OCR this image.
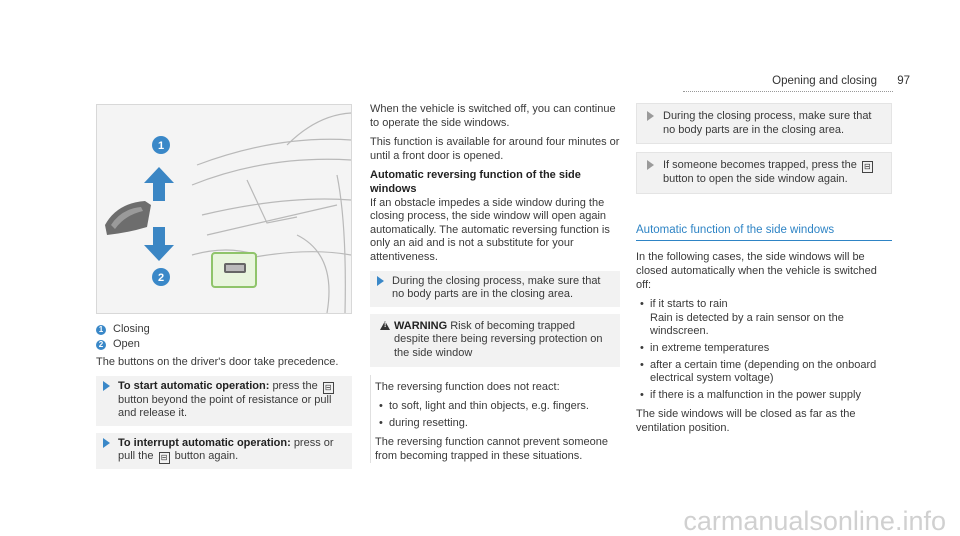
Opening and closing 97
1
2
1 Closing
2 Open

The buttons on the driver's door take precedence.

To start automatic operation: press the ⊟ button beyond the point of resistance or pull and release it.
To interrupt automatic operation: press or pull the ⊟ button again.

When the vehicle is switched off, you can continue to operate the side windows.

This function is available for around four minutes or until a front door is opened.

Automatic reversing function of the side windows

If an obstacle impedes a side window during the closing process, the side window will open again automatically. The automatic reversing function is only an aid and is not a substitute for your attentiveness.

During the closing process, make sure that no body parts are in the closing area.
!
WARNING Risk of becoming trapped despite there being reversing protection on the side window

The reversing function does not react:

• to soft, light and thin objects, e.g. fingers.
• during resetting.

The reversing function cannot prevent someone from becoming trapped in these situations.

During the closing process, make sure that no body parts are in the closing area.
If someone becomes trapped, press the ⊟ button to open the side window again.
Automatic function of the side windows

In the following cases, the side windows will be closed automatically when the vehicle is switched off:

• if it starts to rain
Rain is detected by a rain sensor on the windscreen.
• in extreme temperatures
• after a certain time (depending on the onboard electrical system voltage)
• if there is a malfunction in the power supply

The side windows will be closed as far as the ventilation position.

carmanualsonline.info
